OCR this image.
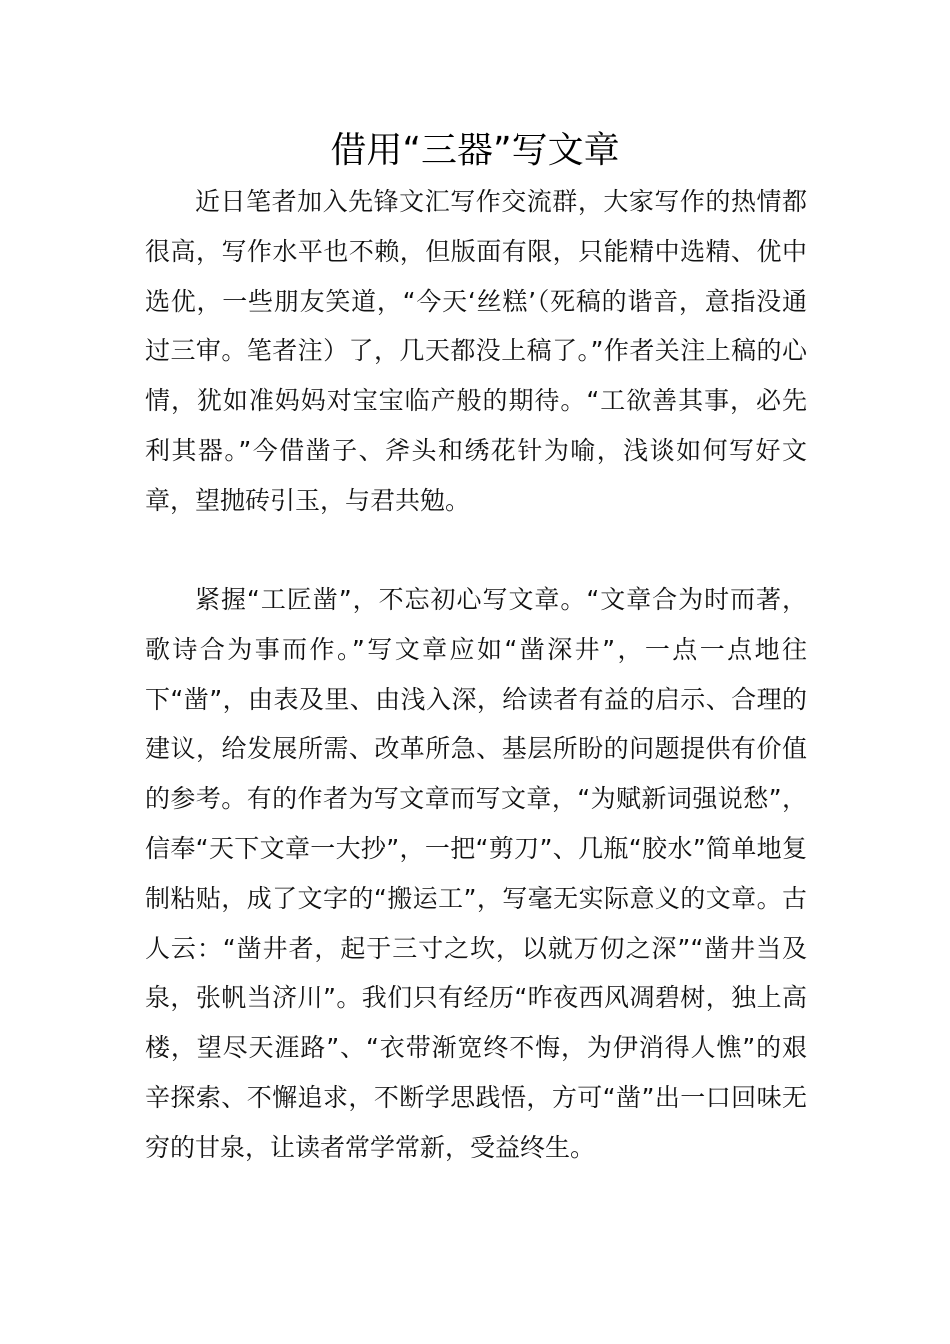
借用“三器”写文章

近日笔者加入先锋文汇写作交流群，大家写作的热情都很高，写作水平也不赖，但版面有限，只能精中选精、优中选优，一些朋友笑道，“今天‘丝糕’（死稿的谐音，意指没通过三审。笔者注）了，几天都没上稿了。”作者关注上稿的心情，犹如准妈妈对宝宝临产般的期待。“工欲善其事，必先利其器。”今借凿子、斧头和绣花针为喻，浅谈如何写好文章，望抛砖引玉，与君共勉。

紧握“工匠凿”，不忘初心写文章。“文章合为时而著，歌诗合为事而作。”写文章应如“凿深井”，一点一点地往下“凿”，由表及里、由浅入深，给读者有益的启示、合理的建议，给发展所需、改革所急、基层所盼的问题提供有价值的参考。有的作者为写文章而写文章，“为赋新词强说愁”，信奉“天下文章一大抄”，一把“剪刀”、几瓶“胶水”简单地复制粘贴，成了文字的“搬运工”，写毫无实际意义的文章。古人云：“凿井者，起于三寸之坎，以就万仞之深”“凿井当及泉，张帆当济川”。我们只有经历“昨夜西风凋碧树，独上高楼，望尽天涯路”、“衣带渐宽终不悔，为伊消得人憔”的艰辛探索、不懈追求，不断学思践悟，方可“凿”出一口回味无穷的甘泉，让读者常学常新，受益终生。
